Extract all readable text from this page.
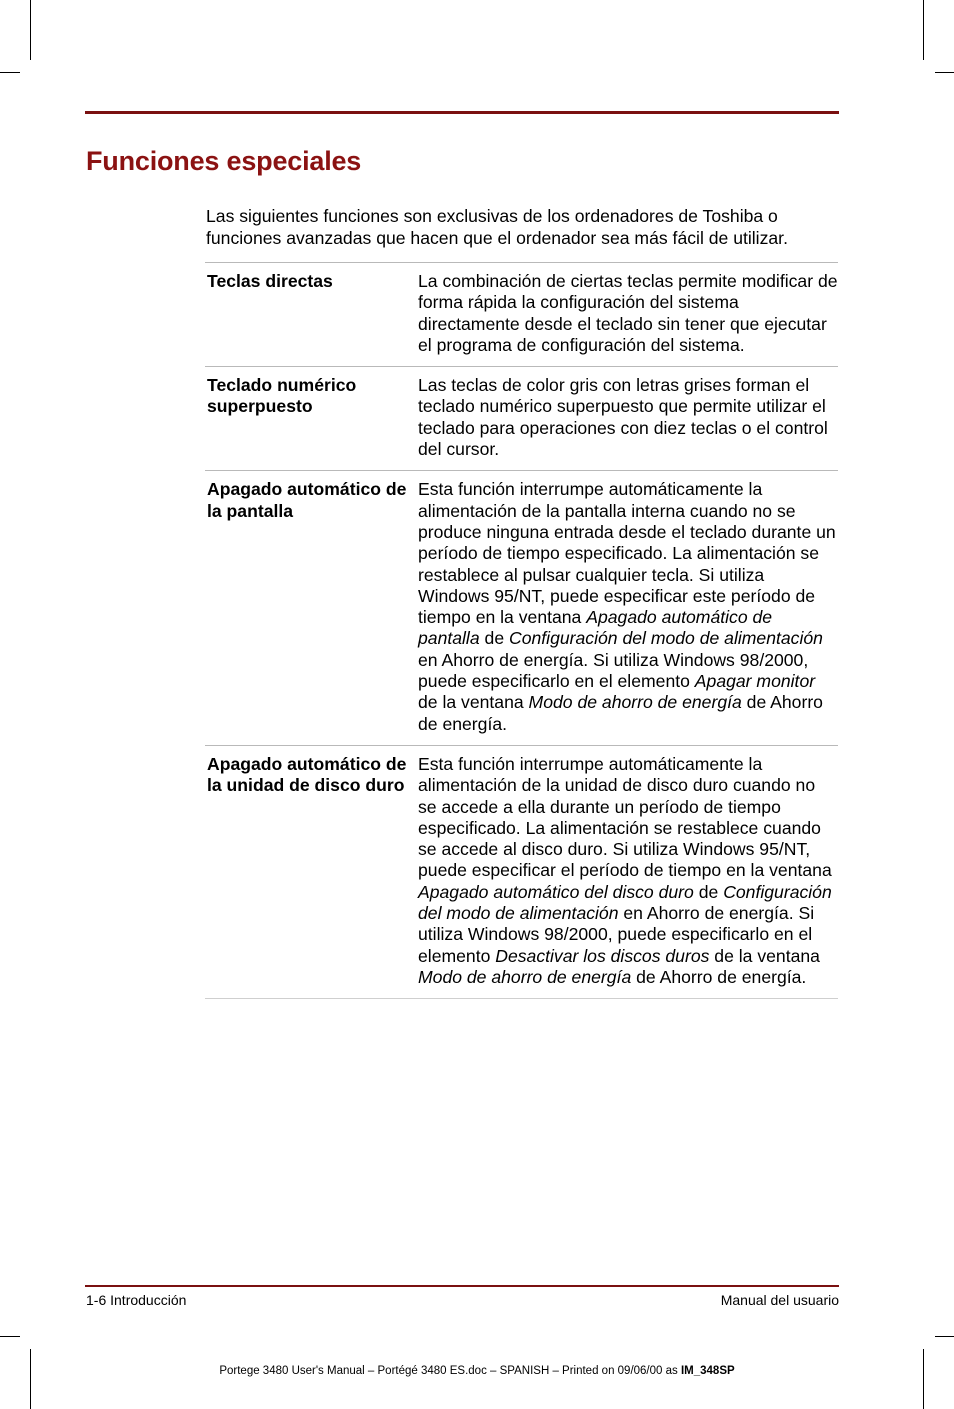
Funciones especiales

Las siguientes funciones son exclusivas de los ordenadores de Toshiba o funciones avanzadas que hacen que el ordenador sea más fácil de utilizar.

Teclas directas	La combinación de ciertas teclas permite modificar de forma rápida la configuración del sistema directamente desde el teclado sin tener que ejecutar el programa de configuración del sistema.
Teclado numérico superpuesto	Las teclas de color gris con letras grises forman el teclado numérico superpuesto que permite utilizar el teclado para operaciones con diez teclas o el control del cursor.
Apagado automático de la pantalla	Esta función interrumpe automáticamente la alimentación de la pantalla interna cuando no se produce ninguna entrada desde el teclado durante un período de tiempo especificado. La alimentación se restablece al pulsar cualquier tecla. Si utiliza Windows 95/NT, puede especificar este período de tiempo en la ventana Apagado automático de pantalla de Configuración del modo de alimentación en Ahorro de energía. Si utiliza Windows 98/2000, puede especificarlo en el elemento Apagar monitor de la ventana Modo de ahorro de energía de Ahorro de energía.
Apagado automático de la unidad de disco duro	Esta función interrumpe automáticamente la alimentación de la unidad de disco duro cuando no se accede a ella durante un período de tiempo especificado. La alimentación se restablece cuando se accede al disco duro. Si utiliza Windows 95/NT, puede especificar el período de tiempo en la ventana Apagado automático del disco duro de Configuración del modo de alimentación en Ahorro de energía. Si utiliza Windows 98/2000, puede especificarlo en el elemento Desactivar los discos duros de la ventana Modo de ahorro de energía de Ahorro de energía.
1-6 Introducción	Manual del usuario
Portege 3480 User's Manual – Portégé 3480 ES.doc – SPANISH – Printed on 09/06/00 as IM_348SP
